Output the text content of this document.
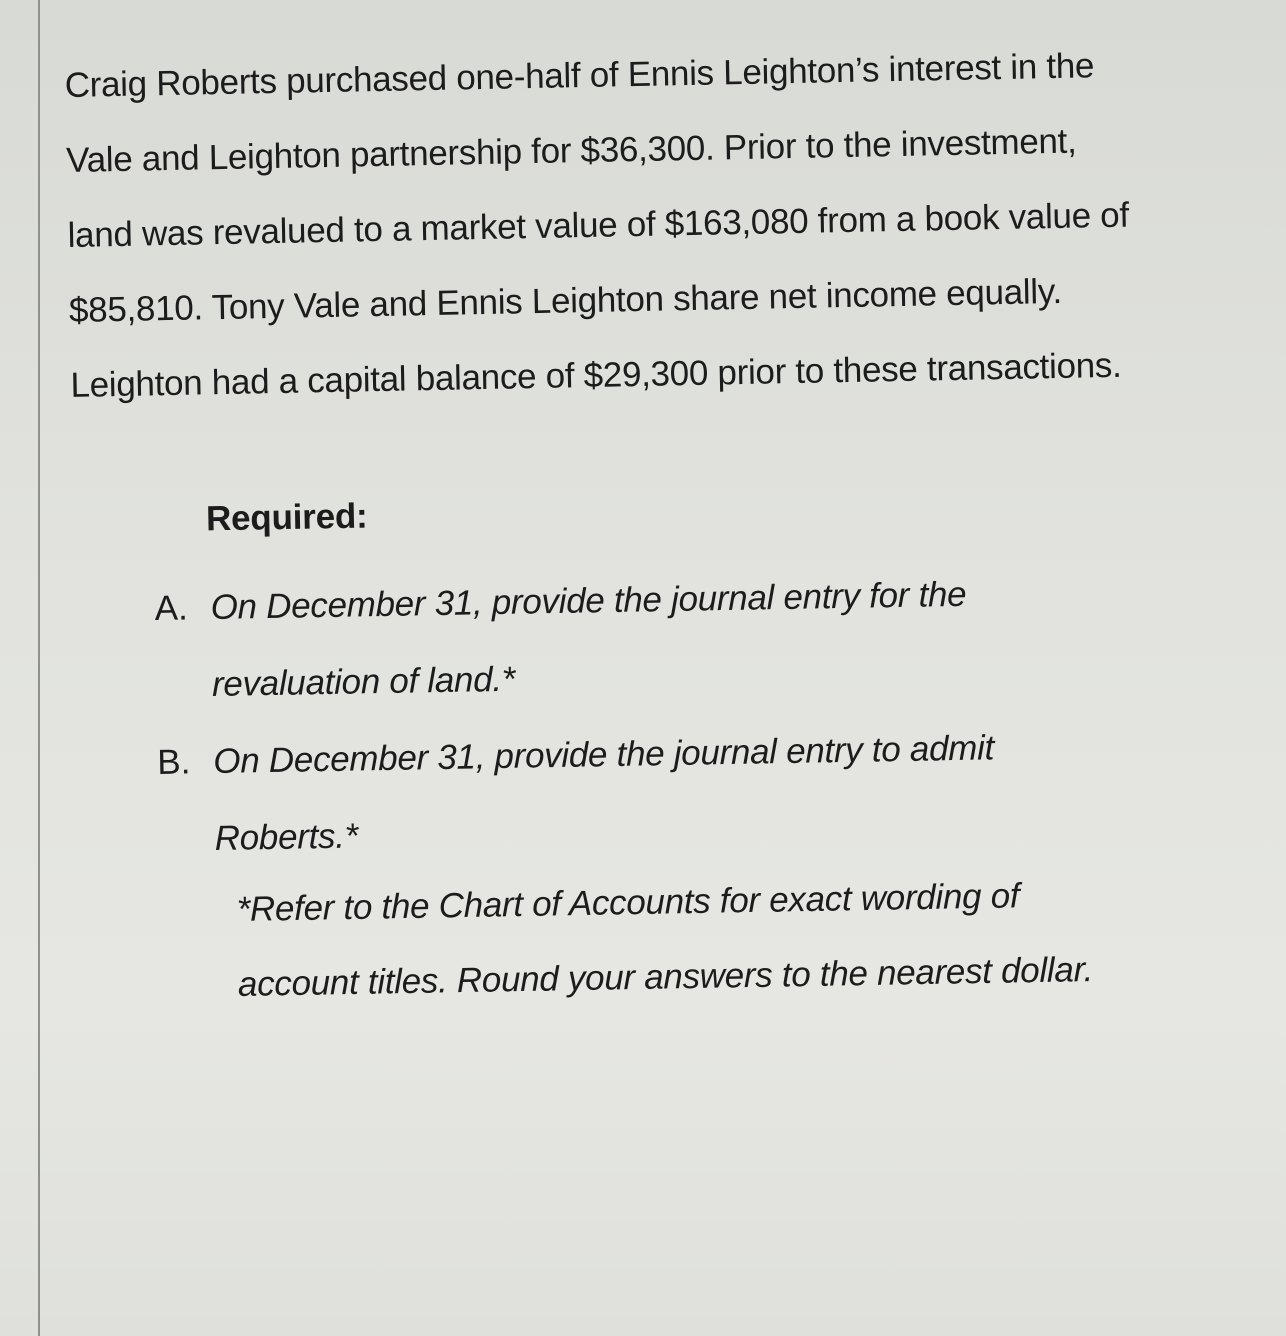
Craig Roberts purchased one-half of Ennis Leighton’s interest in the
Vale and Leighton partnership for $36,300. Prior to the investment,
land was revalued to a market value of $163,080 from a book value of
$85,810. Tony Vale and Ennis Leighton share net income equally.
Leighton had a capital balance of $29,300 prior to these transactions.

Required:
A. On December 31, provide the journal entry for the
revaluation of land.*
B. On December 31, provide the journal entry to admit
Roberts.*
*Refer to the Chart of Accounts for exact wording of
account titles. Round your answers to the nearest dollar.
